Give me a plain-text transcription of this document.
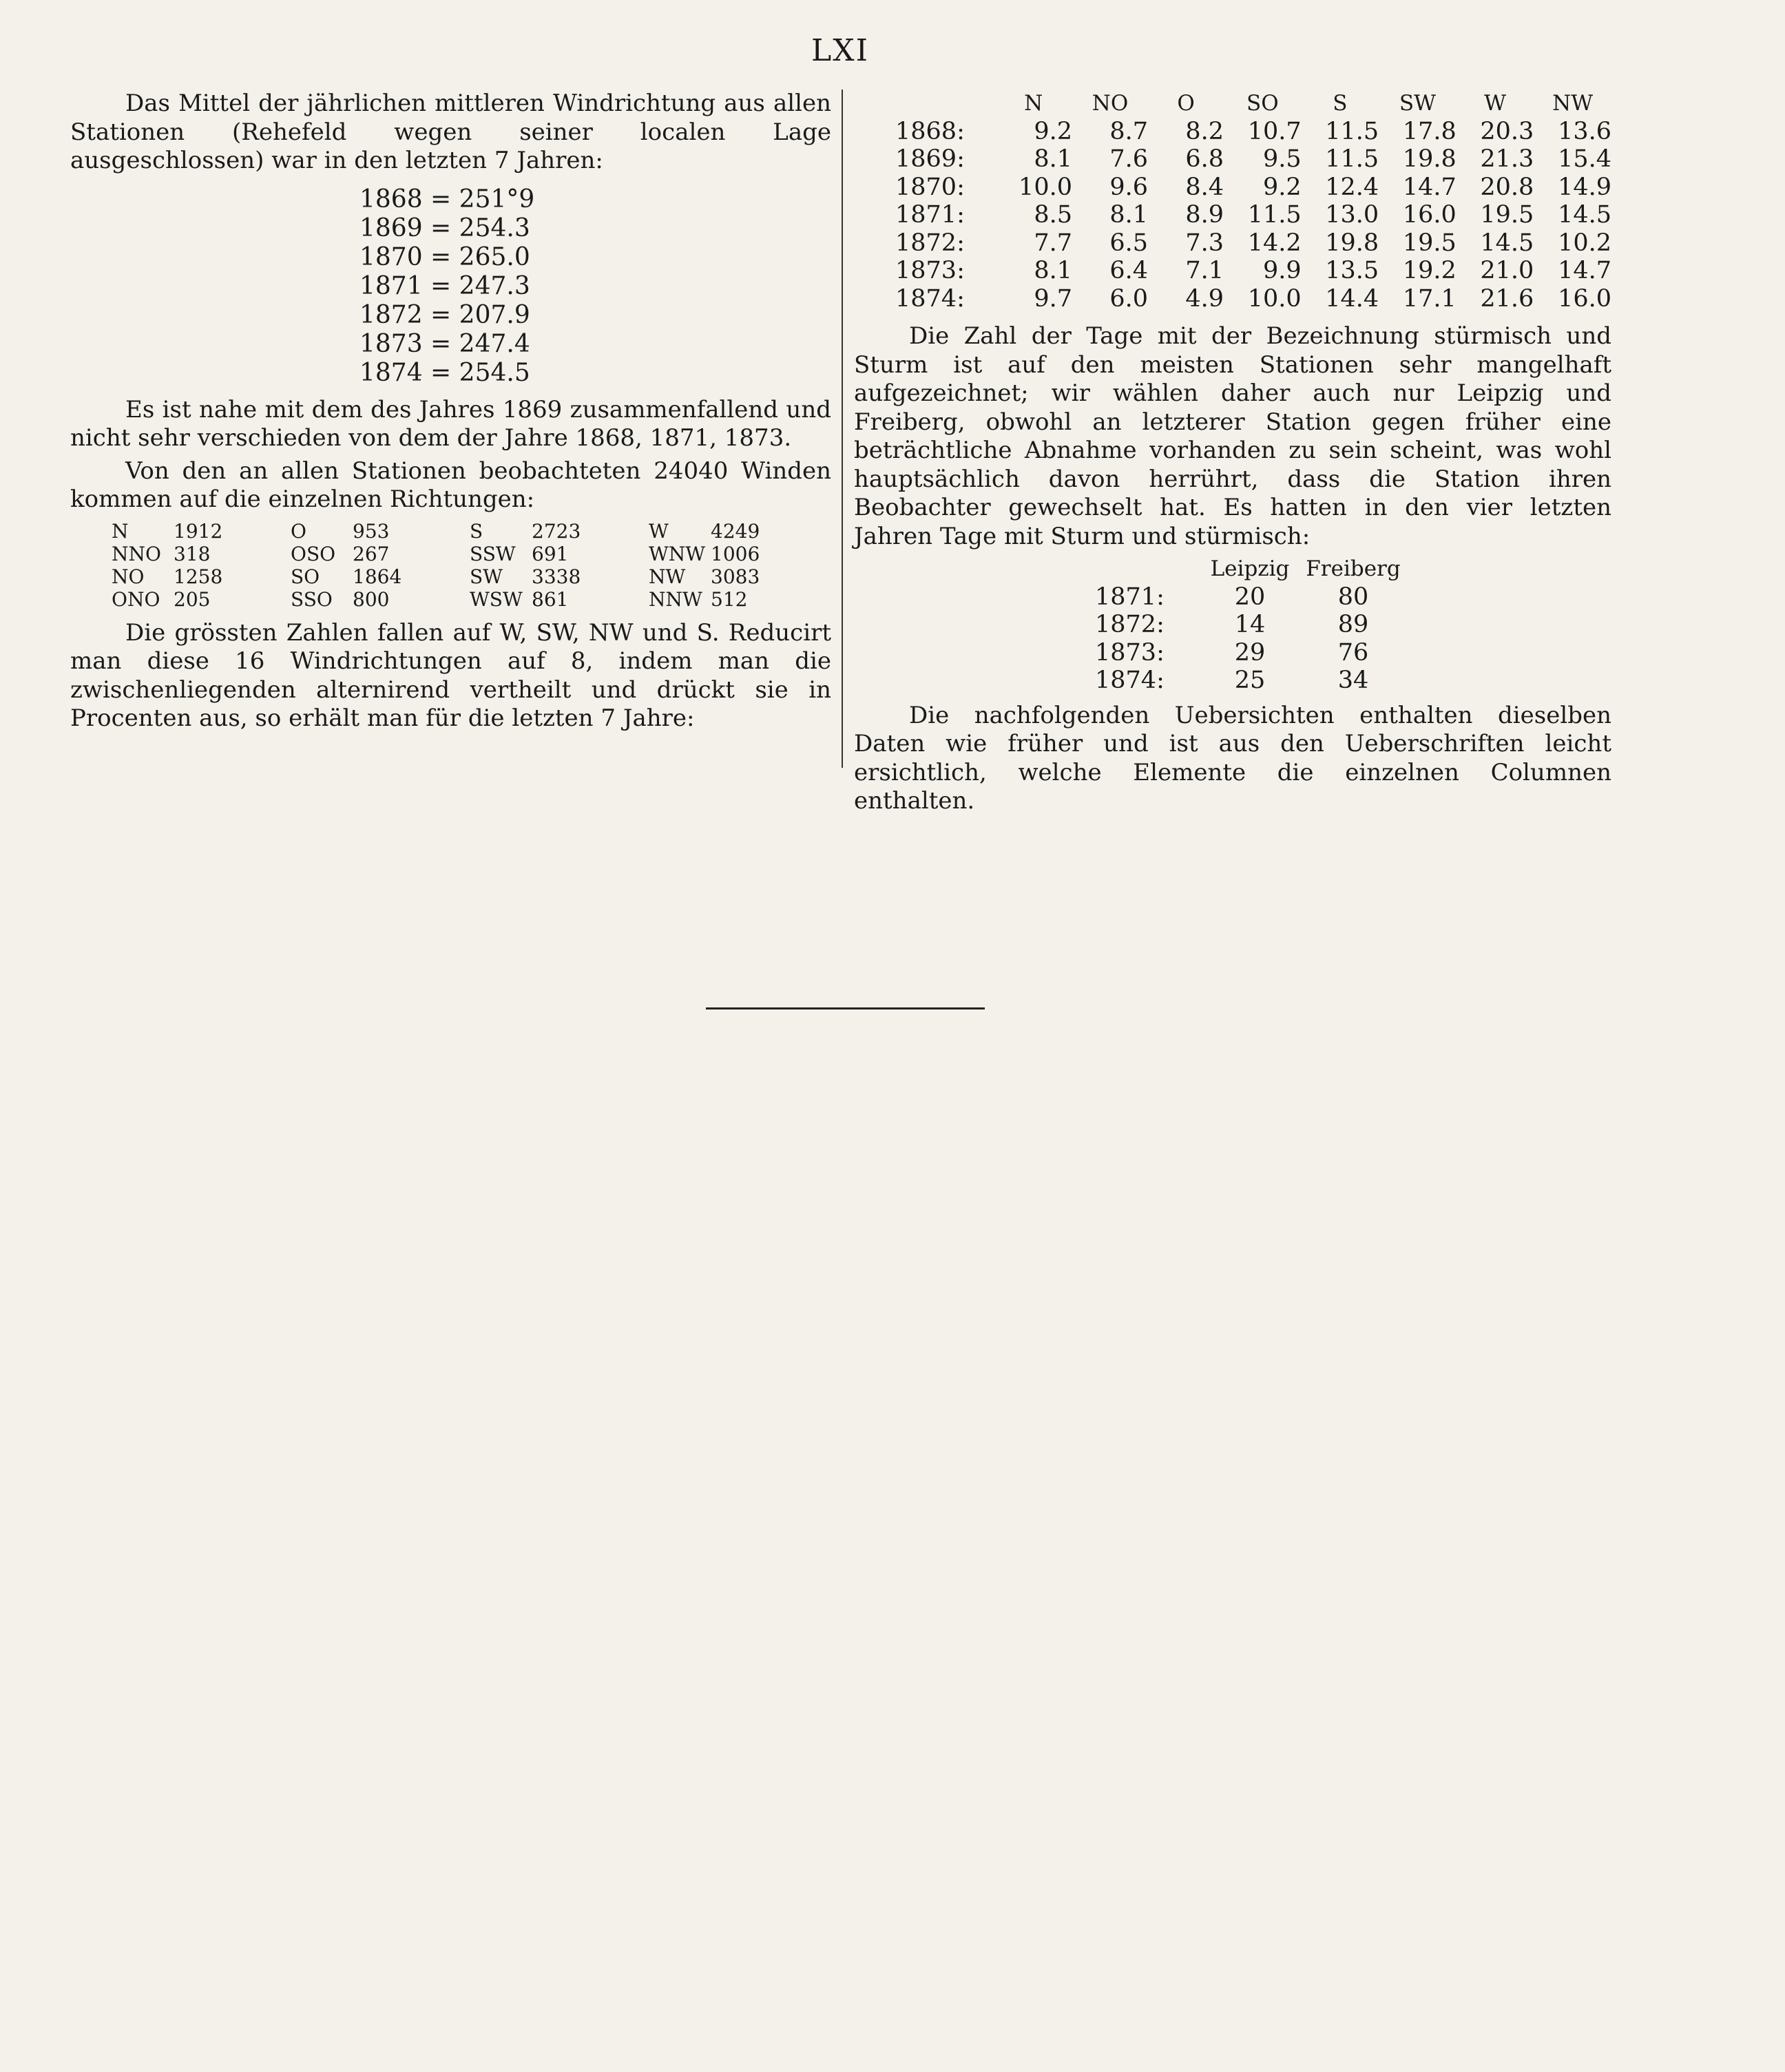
LXI

Das Mittel der jährlichen mittleren Windrichtung aus allen Stationen (Rehefeld wegen seiner localen Lage ausgeschlossen) war in den letzten 7 Jahren:

1868 = 251°9
1869 = 254.3
1870 = 265.0
1871 = 247.3
1872 = 207.9
1873 = 247.4
1874 = 254.5

Es ist nahe mit dem des Jahres 1869 zusammenfallend und nicht sehr verschieden von dem der Jahre 1868, 1871, 1873.

Von den an allen Stationen beobachteten 24040 Winden kommen auf die einzelnen Richtungen:

N	1912	O	953	S	2723	W	4249
NNO	318	OSO	267	SSW	691	WNW	1006
NO	1258	SO	1864	SW	3338	NW	3083
ONO	205	SSO	800	WSW	861	NNW	512

Die grössten Zahlen fallen auf W, SW, NW und S. Reducirt man diese 16 Windrichtungen auf 8, indem man die zwischenliegenden alternirend vertheilt und drückt sie in Procenten aus, so erhält man für die letzten 7 Jahre:

	N	NO	O	SO	S	SW	W	NW
1868:	9.2	8.7	8.2	10.7	11.5	17.8	20.3	13.6
1869:	8.1	7.6	6.8	9.5	11.5	19.8	21.3	15.4
1870:	10.0	9.6	8.4	9.2	12.4	14.7	20.8	14.9
1871:	8.5	8.1	8.9	11.5	13.0	16.0	19.5	14.5
1872:	7.7	6.5	7.3	14.2	19.8	19.5	14.5	10.2
1873:	8.1	6.4	7.1	9.9	13.5	19.2	21.0	14.7
1874:	9.7	6.0	4.9	10.0	14.4	17.1	21.6	16.0

Die Zahl der Tage mit der Bezeichnung stürmisch und Sturm ist auf den meisten Stationen sehr mangelhaft aufgezeichnet; wir wählen daher auch nur Leipzig und Freiberg, obwohl an letzterer Station gegen früher eine beträchtliche Abnahme vorhanden zu sein scheint, was wohl hauptsächlich davon herrührt, dass die Station ihren Beobachter gewechselt hat. Es hatten in den vier letzten Jahren Tage mit Sturm und stürmisch:

	Leipzig	Freiberg
1871:	20	80
1872:	14	89
1873:	29	76
1874:	25	34

Die nachfolgenden Uebersichten enthalten dieselben Daten wie früher und ist aus den Ueberschriften leicht ersichtlich, welche Elemente die einzelnen Columnen enthalten.
